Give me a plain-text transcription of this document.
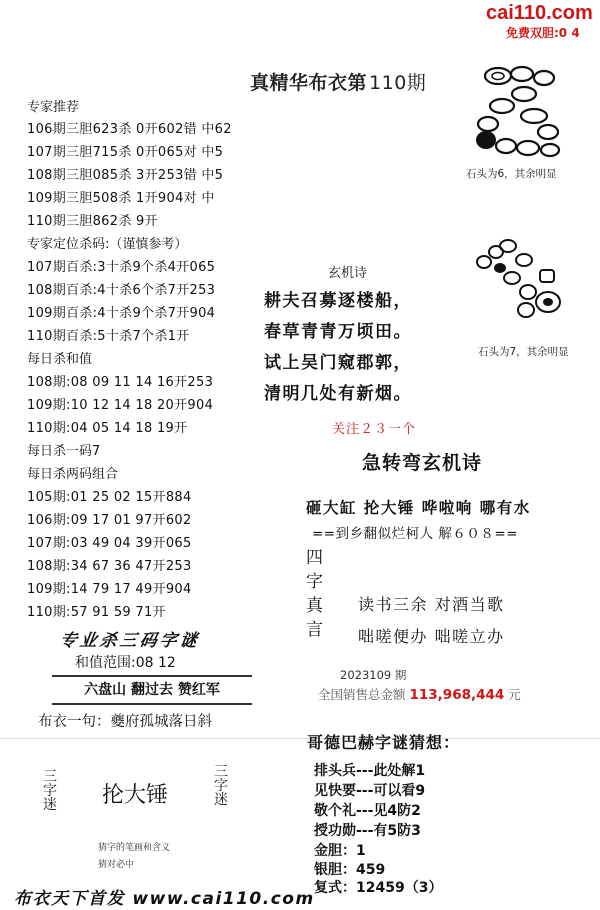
cai110.com
免费双胆:0 4
真精华布衣第 110期
专家推荐
106期三胆623杀 0开602错 中62
107期三胆715杀 0开065对 中5
108期三胆085杀 3开253错 中5
109期三胆508杀 1开904对 中
110期三胆862杀 9开
专家定位杀码:（谨慎参考）
107期百杀:3十杀9个杀4开065
108期百杀:4十杀6个杀7开253
109期百杀:4十杀9个杀7开904
110期百杀:5十杀7个杀1开
每日杀和值
108期:08 09 11 14 16开253
109期:10 12 14 18 20开904
110期:04 05 14 18 19开
每日杀一码7
每日杀两码组合
105期:01 25 02 15开884
106期:09 17 01 97开602
107期:03 49 04 39开065
108期:34 67 36 47开253
109期:14 79 17 49开904
110期:57 91 59 71开
专业杀三码字谜
和值范围:08 12
六盘山 翻过去 赞红军
布衣一句：夔府孤城落日斜
三字迷 抡大锤
三字迷
猜字的笔画和含义
猜对必中
布衣天下首发 www.cai110.com
石头为6，其余明显
石头为7，其余明显
玄机诗
耕夫召募逐楼船，
春草青青万顷田。
试上吴门窥郡郭，
清明几处有新烟。
关注２３一个
急转弯玄机诗
砸大缸 抡大锤 哗啦响 哪有水
==到乡翻似烂柯人 解６０８==
四字真言
读书三余 对酒当歌
咄嗟便办 咄嗟立办
2023109 期
全国销售总金额 113,968,444 元
哥德巴赫字谜猜想：
排头兵---此处解1
见快要---可以看9
敬个礼---见4防2
授功勋---有5防3
金胆：1
银胆：459
复式：12459（3）
